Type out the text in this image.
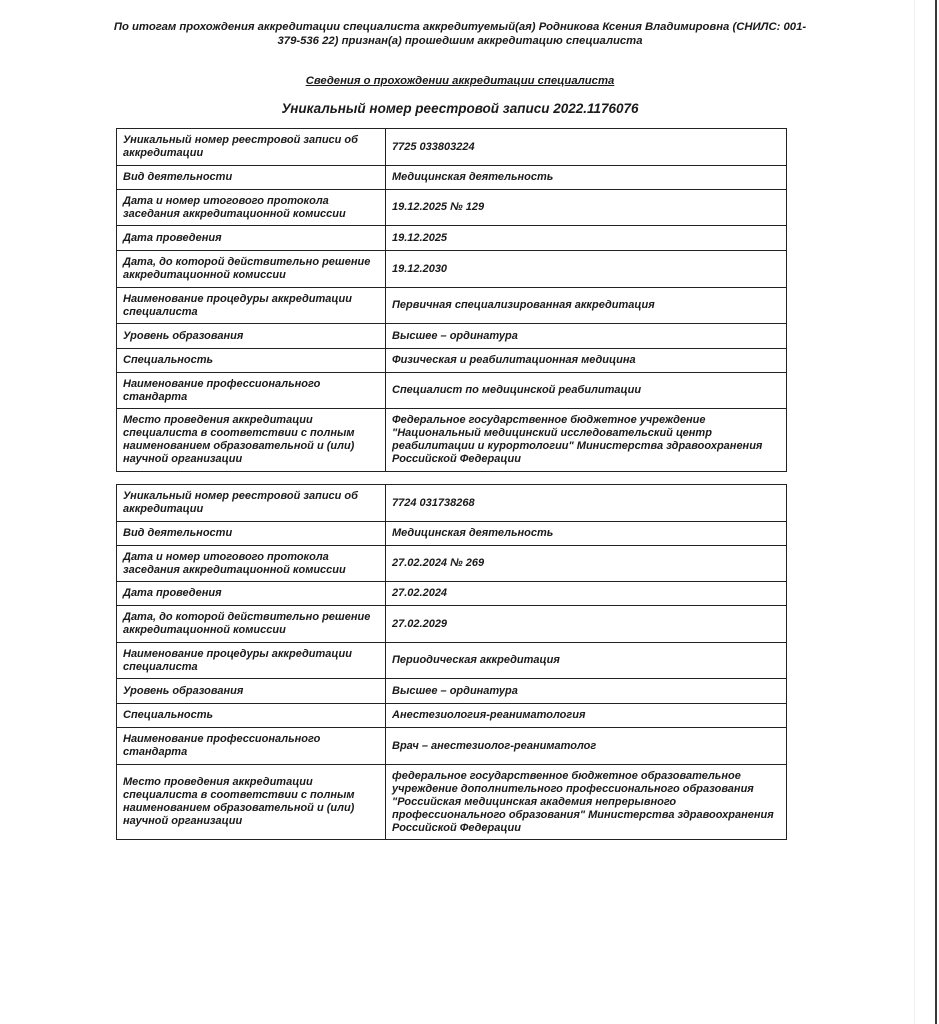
По итогам прохождения аккредитации специалиста аккредитуемый(ая) Родникова Ксения Владимировна (СНИЛС: 001-379-536 22) признан(а) прошедшим аккредитацию специалиста
Сведения о прохождении аккредитации специалиста
Уникальный номер реестровой записи 2022.1176076
Уникальный номер реестровой записи об аккредитации	7725 033803224
Вид деятельности	Медицинская деятельность
Дата и номер итогового протокола заседания аккредитационной комиссии	19.12.2025 № 129
Дата проведения	19.12.2025
Дата, до которой действительно решение аккредитационной комиссии	19.12.2030
Наименование процедуры аккредитации специалиста	Первичная специализированная аккредитация
Уровень образования	Высшее – ординатура
Специальность	Физическая и реабилитационная медицина
Наименование профессионального стандарта	Специалист по медицинской реабилитации
Место проведения аккредитации специалиста в соответствии с полным наименованием образовательной и (или) научной организации	Федеральное государственное бюджетное учреждение "Национальный медицинский исследовательский центр реабилитации и курортологии" Министерства здравоохранения Российской Федерации
Уникальный номер реестровой записи об аккредитации	7724 031738268
Вид деятельности	Медицинская деятельность
Дата и номер итогового протокола заседания аккредитационной комиссии	27.02.2024 № 269
Дата проведения	27.02.2024
Дата, до которой действительно решение аккредитационной комиссии	27.02.2029
Наименование процедуры аккредитации специалиста	Периодическая аккредитация
Уровень образования	Высшее – ординатура
Специальность	Анестезиология-реаниматология
Наименование профессионального стандарта	Врач – анестезиолог-реаниматолог
Место проведения аккредитации специалиста в соответствии с полным наименованием образовательной и (или) научной организации	федеральное государственное бюджетное образовательное учреждение дополнительного профессионального образования "Российская медицинская академия непрерывного профессионального образования" Министерства здравоохранения Российской Федерации
